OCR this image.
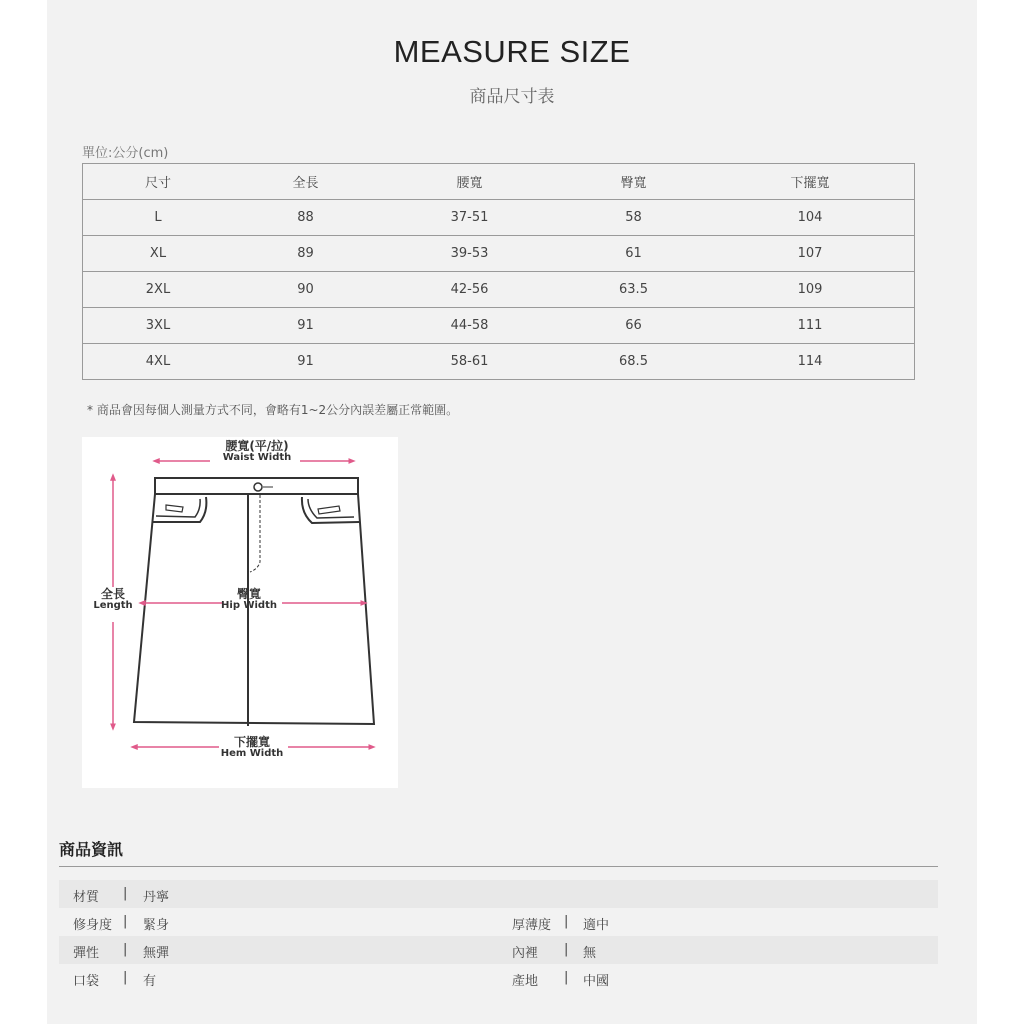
MEASURE SIZE
商品尺寸表
單位:公分(cm)
尺寸	全長	腰寬	臀寬	下擺寬
L	88	37-51	58	104
XL	89	39-53	61	107
2XL	90	42-56	63.5	109
3XL	91	44-58	66	111
4XL	91	58-61	68.5	114
* 商品會因每個人測量方式不同，會略有1~2公分內誤差屬正常範圍。
腰寬(平/拉)
Waist Width
全長
Length
臀寬
Hip Width
下擺寬
Hem Width
商品資訊
材質 | 丹寧
修身度 | 緊身	厚薄度 | 適中
彈性 | 無彈	內裡 | 無
口袋 | 有	產地 | 中國
